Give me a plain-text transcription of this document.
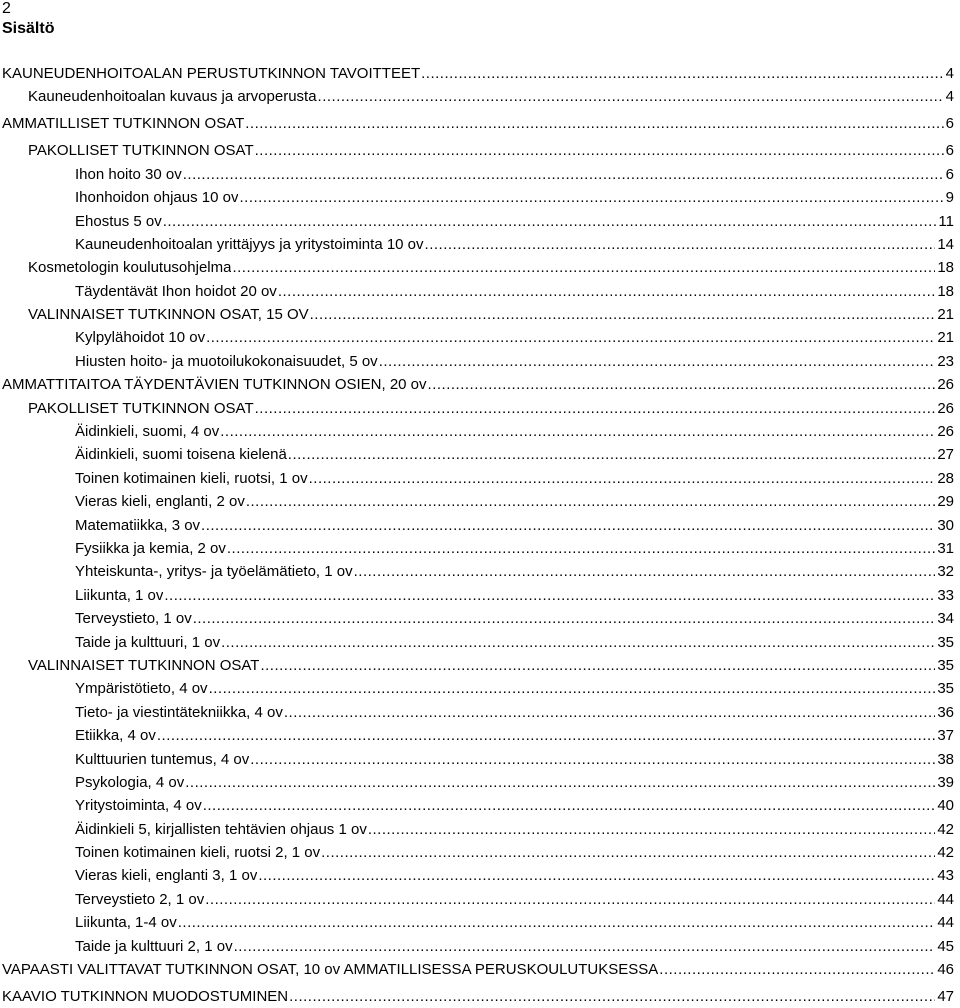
2
Sisältö
KAUNEUDENHOITOALAN PERUSTUTKINNON TAVOITTEET .....	4
Kauneudenhoitoalan kuvaus ja arvoperusta .....	4
AMMATILLISET TUTKINNON OSAT .....	6
PAKOLLISET TUTKINNON OSAT .....	6
Ihon hoito 30 ov .....	6
Ihonhoidon ohjaus 10 ov .....	9
Ehostus 5 ov .....	11
Kauneudenhoitoalan yrittäjyys ja yritystoiminta 10 ov .....	14
Kosmetologin koulutusohjelma .....	18
Täydentävät Ihon hoidot 20 ov .....	18
VALINNAISET TUTKINNON OSAT, 15 OV .....	21
Kylpylähoidot 10 ov .....	21
Hiusten hoito- ja muotoilukokonaisuudet, 5 ov .....	23
AMMATTITAITOA TÄYDENTÄVIEN TUTKINNON OSIEN, 20 ov .....	26
PAKOLLISET TUTKINNON OSAT .....	26
Äidinkieli, suomi, 4 ov .....	26
Äidinkieli, suomi toisena kielenä .....	27
Toinen kotimainen kieli, ruotsi, 1 ov .....	28
Vieras kieli, englanti, 2 ov .....	29
Matematiikka, 3 ov .....	30
Fysiikka ja kemia, 2 ov .....	31
Yhteiskunta-, yritys- ja työelämätieto, 1 ov .....	32
Liikunta, 1 ov .....	33
Terveystieto, 1 ov .....	34
Taide ja kulttuuri, 1 ov .....	35
VALINNAISET TUTKINNON OSAT .....	35
Ympäristötieto, 4 ov .....	35
Tieto- ja viestintätekniikka, 4 ov .....	36
Etiikka, 4 ov .....	37
Kulttuurien tuntemus, 4 ov .....	38
Psykologia, 4 ov .....	39
Yritystoiminta, 4 ov .....	40
Äidinkieli 5, kirjallisten tehtävien ohjaus 1 ov .....	42
Toinen kotimainen kieli, ruotsi 2, 1 ov .....	42
Vieras kieli, englanti 3, 1 ov .....	43
Terveystieto 2, 1 ov .....	44
Liikunta, 1-4 ov .....	44
Taide ja kulttuuri 2, 1 ov .....	45
VAPAASTI VALITTAVAT TUTKINNON OSAT, 10 ov AMMATILLISESSA PERUSKOULUTUKSESSA .....	46
KAAVIO TUTKINNON MUODOSTUMINEN .....	47
